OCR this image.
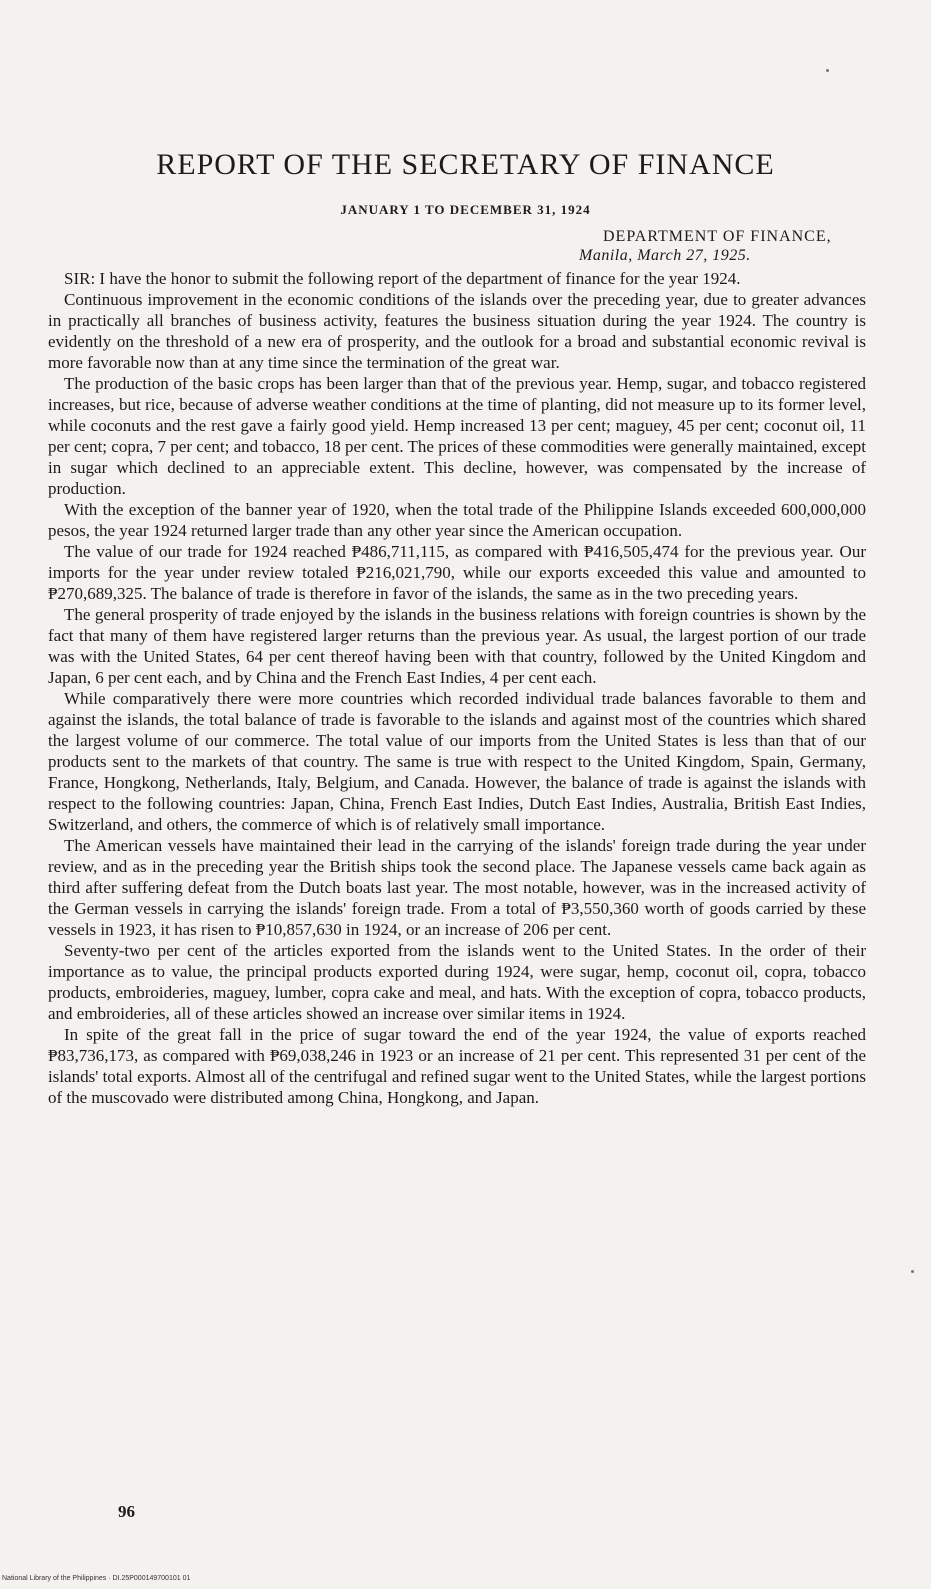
REPORT OF THE SECRETARY OF FINANCE
JANUARY 1 TO DECEMBER 31, 1924
DEPARTMENT OF FINANCE,
Manila, March 27, 1925.

SIR: I have the honor to submit the following report of the department of finance for the year 1924.

Continuous improvement in the economic conditions of the islands over the preceding year, due to greater advances in practically all branches of business activity, features the business situation during the year 1924. The country is evidently on the threshold of a new era of prosperity, and the outlook for a broad and substantial economic revival is more favorable now than at any time since the termination of the great war.

The production of the basic crops has been larger than that of the previous year. Hemp, sugar, and tobacco registered increases, but rice, because of adverse weather conditions at the time of planting, did not measure up to its former level, while coconuts and the rest gave a fairly good yield. Hemp increased 13 per cent; maguey, 45 per cent; coconut oil, 11 per cent; copra, 7 per cent; and tobacco, 18 per cent. The prices of these commodities were generally maintained, except in sugar which declined to an appreciable extent. This decline, however, was compensated by the increase of production.

With the exception of the banner year of 1920, when the total trade of the Philippine Islands exceeded 600,000,000 pesos, the year 1924 returned larger trade than any other year since the American occupation.

The value of our trade for 1924 reached ₱486,711,115, as compared with ₱416,505,474 for the previous year. Our imports for the year under review totaled ₱216,021,790, while our exports exceeded this value and amounted to ₱270,689,325. The balance of trade is therefore in favor of the islands, the same as in the two preceding years.

The general prosperity of trade enjoyed by the islands in the business relations with foreign countries is shown by the fact that many of them have registered larger returns than the previous year. As usual, the largest portion of our trade was with the United States, 64 per cent thereof having been with that country, followed by the United Kingdom and Japan, 6 per cent each, and by China and the French East Indies, 4 per cent each.

While comparatively there were more countries which recorded individual trade balances favorable to them and against the islands, the total balance of trade is favorable to the islands and against most of the countries which shared the largest volume of our commerce. The total value of our imports from the United States is less than that of our products sent to the markets of that country. The same is true with respect to the United Kingdom, Spain, Germany, France, Hongkong, Netherlands, Italy, Belgium, and Canada. However, the balance of trade is against the islands with respect to the following countries: Japan, China, French East Indies, Dutch East Indies, Australia, British East Indies, Switzerland, and others, the commerce of which is of relatively small importance.

The American vessels have maintained their lead in the carrying of the islands' foreign trade during the year under review, and as in the preceding year the British ships took the second place. The Japanese vessels came back again as third after suffering defeat from the Dutch boats last year. The most notable, however, was in the increased activity of the German vessels in carrying the islands' foreign trade. From a total of ₱3,550,360 worth of goods carried by these vessels in 1923, it has risen to ₱10,857,630 in 1924, or an increase of 206 per cent.

Seventy-two per cent of the articles exported from the islands went to the United States. In the order of their importance as to value, the principal products exported during 1924, were sugar, hemp, coconut oil, copra, tobacco products, embroideries, maguey, lumber, copra cake and meal, and hats. With the exception of copra, tobacco products, and embroideries, all of these articles showed an increase over similar items in 1924.

In spite of the great fall in the price of sugar toward the end of the year 1924, the value of exports reached ₱83,736,173, as compared with ₱69,038,246 in 1923 or an increase of 21 per cent. This represented 31 per cent of the islands' total exports. Almost all of the centrifugal and refined sugar went to the United States, while the largest portions of the muscovado were distributed among China, Hongkong, and Japan.

96
National Library of the Philippines · DI.25P000149700101 01
